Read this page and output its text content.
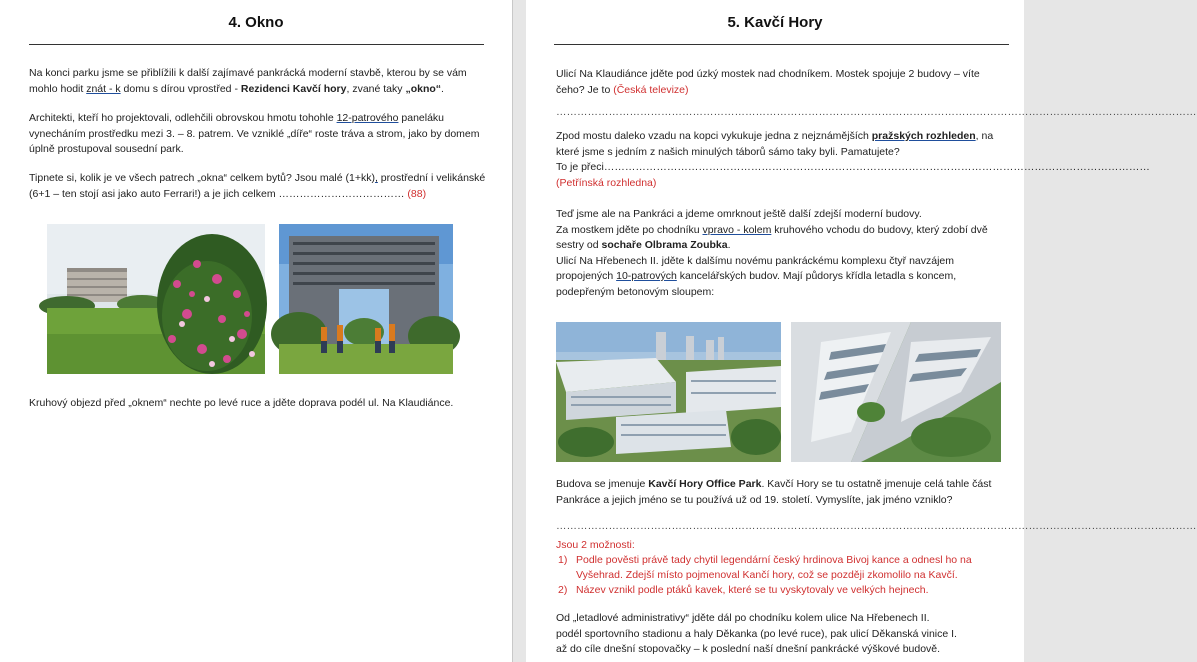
4. Okno

Na konci parku jsme se přiblížili k další zajímavé pankrácká moderní stavbě, kterou by se vám mohlo hodit znát - k domu s dírou vprostřed - Rezidenci Kavčí hory, zvané taky „okno“.

Architekti, kteří ho projektovali, odlehčili obrovskou hmotu tohohle 12-patrového paneláku vynecháním prostředku mezi 3. – 8. patrem. Ve vzniklé „díře“ roste tráva a strom, jako by domem úplně prostupoval sousední park.

Tipnete si, kolik je ve všech patrech „okna“ celkem bytů? Jsou malé (1+kk), prostřední i velikánské (6+1 – ten stojí asi jako auto Ferrari!) a je jich celkem ……………………………… (88)

Kruhový objezd před „oknem“ nechte po levé ruce a jděte doprava podél ul. Na Klaudiánce.

5. Kavčí Hory

Ulicí Na Klaudiánce jděte pod úzký mostek nad chodníkem. Mostek spojuje 2 budovy – víte čeho? Je to (Česká televize)

…………………………………………………………………………………………………………………………………………………………………

Zpod mostu daleko vzadu na kopci vykukuje jedna z nejznámějších pražských rozhleden, na které jsme s jedním z našich minulých táborů sámo taky byli. Pamatujete?
To je přeci…………………………………………………………………………………………………………………………………………
(Petřínská rozhledna)

Teď jsme ale na Pankráci a jdeme omrknout ještě další zdejší moderní budovy.
Za mostkem jděte po chodníku vpravo - kolem kruhového vchodu do budovy, který zdobí dvě sestry od sochaře Olbrama Zoubka.
Ulicí Na Hřebenech II. jděte k dalšímu novému pankráckému komplexu čtyř navzájem propojených 10-patrových kancelářských budov. Mají půdorys křídla letadla s koncem, podepřeným betonovým sloupem:

Budova se jmenuje Kavčí Hory Office Park. Kavčí Hory se tu ostatně jmenuje celá tahle část Pankráce a jejich jméno se tu používá už od 19. století. Vymyslíte, jak jméno vzniklo?

…………………………………………………………………………………………………………………………………………………………………
Jsou 2 možnosti:
1) Podle pověsti právě tady chytil legendární český hrdinova Bivoj kance a odnesl ho na Vyšehrad. Zdejší místo pojmenoval Kančí hory, což se později zkomolilo na Kavčí.
2) Název vznikl podle ptáků kavek, které se tu vyskytovaly ve velkých hejnech.

Od „letadlové administrativy“ jděte dál po chodníku kolem ulice Na Hřebenech II.
podél sportovního stadionu a haly Děkanka (po levé ruce), pak ulicí Děkanská vinice I.
až do cíle dnešní stopovačky – k poslední naší dnešní pankrácké výškové budově.
